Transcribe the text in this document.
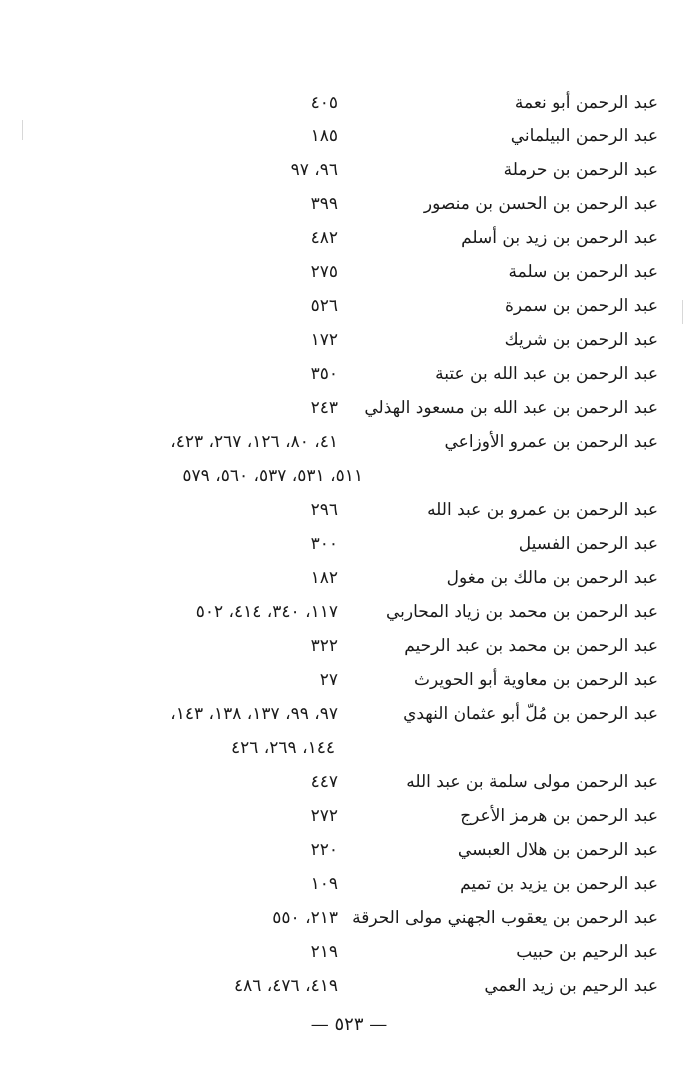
عبد الرحمن أبو نعمة
٤٠٥
عبد الرحمن البيلماني
١٨٥
عبد الرحمن بن حرملة
٩٦، ٩٧
عبد الرحمن بن الحسن بن منصور
٣٩٩
عبد الرحمن بن زيد بن أسلم
٤٨٢
عبد الرحمن بن سلمة
٢٧٥
عبد الرحمن بن سمرة
٥٢٦
عبد الرحمن بن شريك
١٧٢
عبد الرحمن بن عبد الله بن عتبة
٣٥٠
عبد الرحمن بن عبد الله بن مسعود الهذلي
٢٤٣
عبد الرحمن بن عمرو الأوزاعي
٤١، ٨٠، ١٢٦، ٢٦٧، ٤٢٣،
٥١١، ٥٣١، ٥٣٧، ٥٦٠، ٥٧٩
عبد الرحمن بن عمرو بن عبد الله
٢٩٦
عبد الرحمن الفسيل
٣٠٠
عبد الرحمن بن مالك بن مغول
١٨٢
عبد الرحمن بن محمد بن زياد المحاربي
١١٧، ٣٤٠، ٤١٤، ٥٠٢
عبد الرحمن بن محمد بن عبد الرحيم
٣٢٢
عبد الرحمن بن معاوية أبو الحويرث
٢٧
عبد الرحمن بن مُلّ أبو عثمان النهدي
٩٧، ٩٩، ١٣٧، ١٣٨، ١٤٣،
١٤٤، ٢٦٩، ٤٢٦
عبد الرحمن مولى سلمة بن عبد الله
٤٤٧
عبد الرحمن بن هرمز الأعرج
٢٧٢
عبد الرحمن بن هلال العبسي
٢٢٠
عبد الرحمن بن يزيد بن تميم
١٠٩
عبد الرحمن بن يعقوب الجهني مولى الحرقة
٢١٣، ٥٥٠
عبد الرحيم بن حبيب
٢١٩
عبد الرحيم بن زيد العمي
٤١٩، ٤٧٦، ٤٨٦
— ٥٢٣ —
